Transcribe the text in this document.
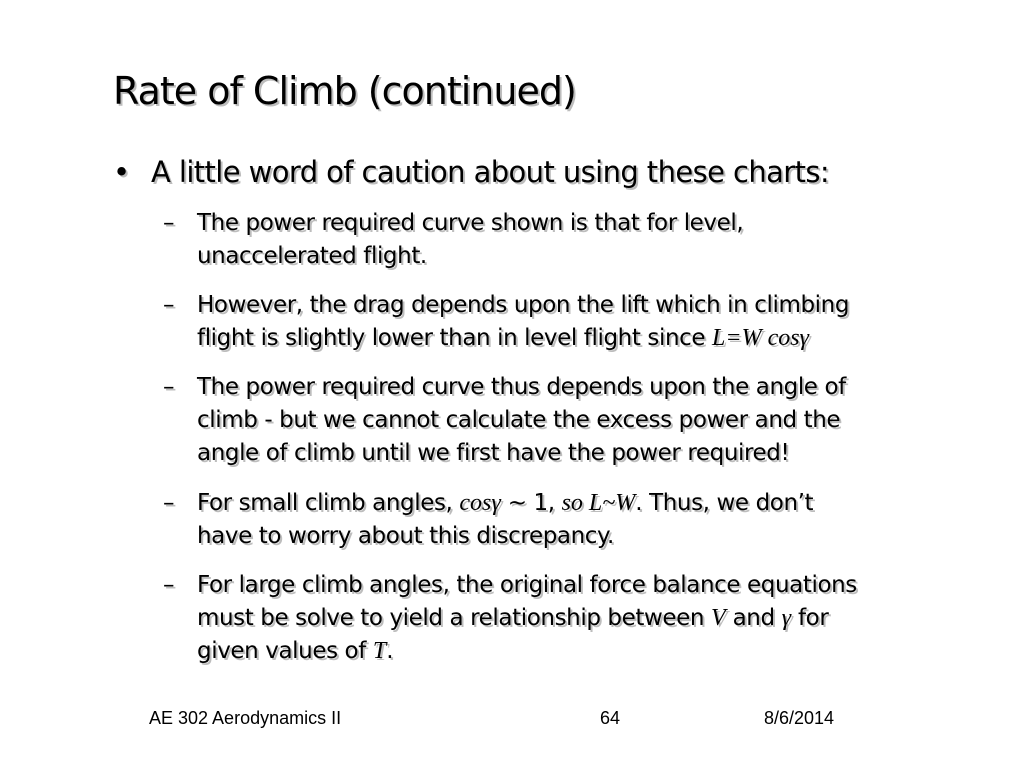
Rate of Climb (continued)
• A little word of caution about using these charts:
– The power required curve shown is that for level,
unaccelerated flight.
– However, the drag depends upon the lift which in climbing
flight is slightly lower than in level flight since L=W cosγ
– The power required curve thus depends upon the angle of
climb - but we cannot calculate the excess power and the
angle of climb until we first have the power required!
– For small climb angles, cosγ ~ 1, so L~W. Thus, we don’t
have to worry about this discrepancy.
– For large climb angles, the original force balance equations
must be solve to yield a relationship between V and γ for
given values of T.
AE 302 Aerodynamics II	64	8/6/2014
